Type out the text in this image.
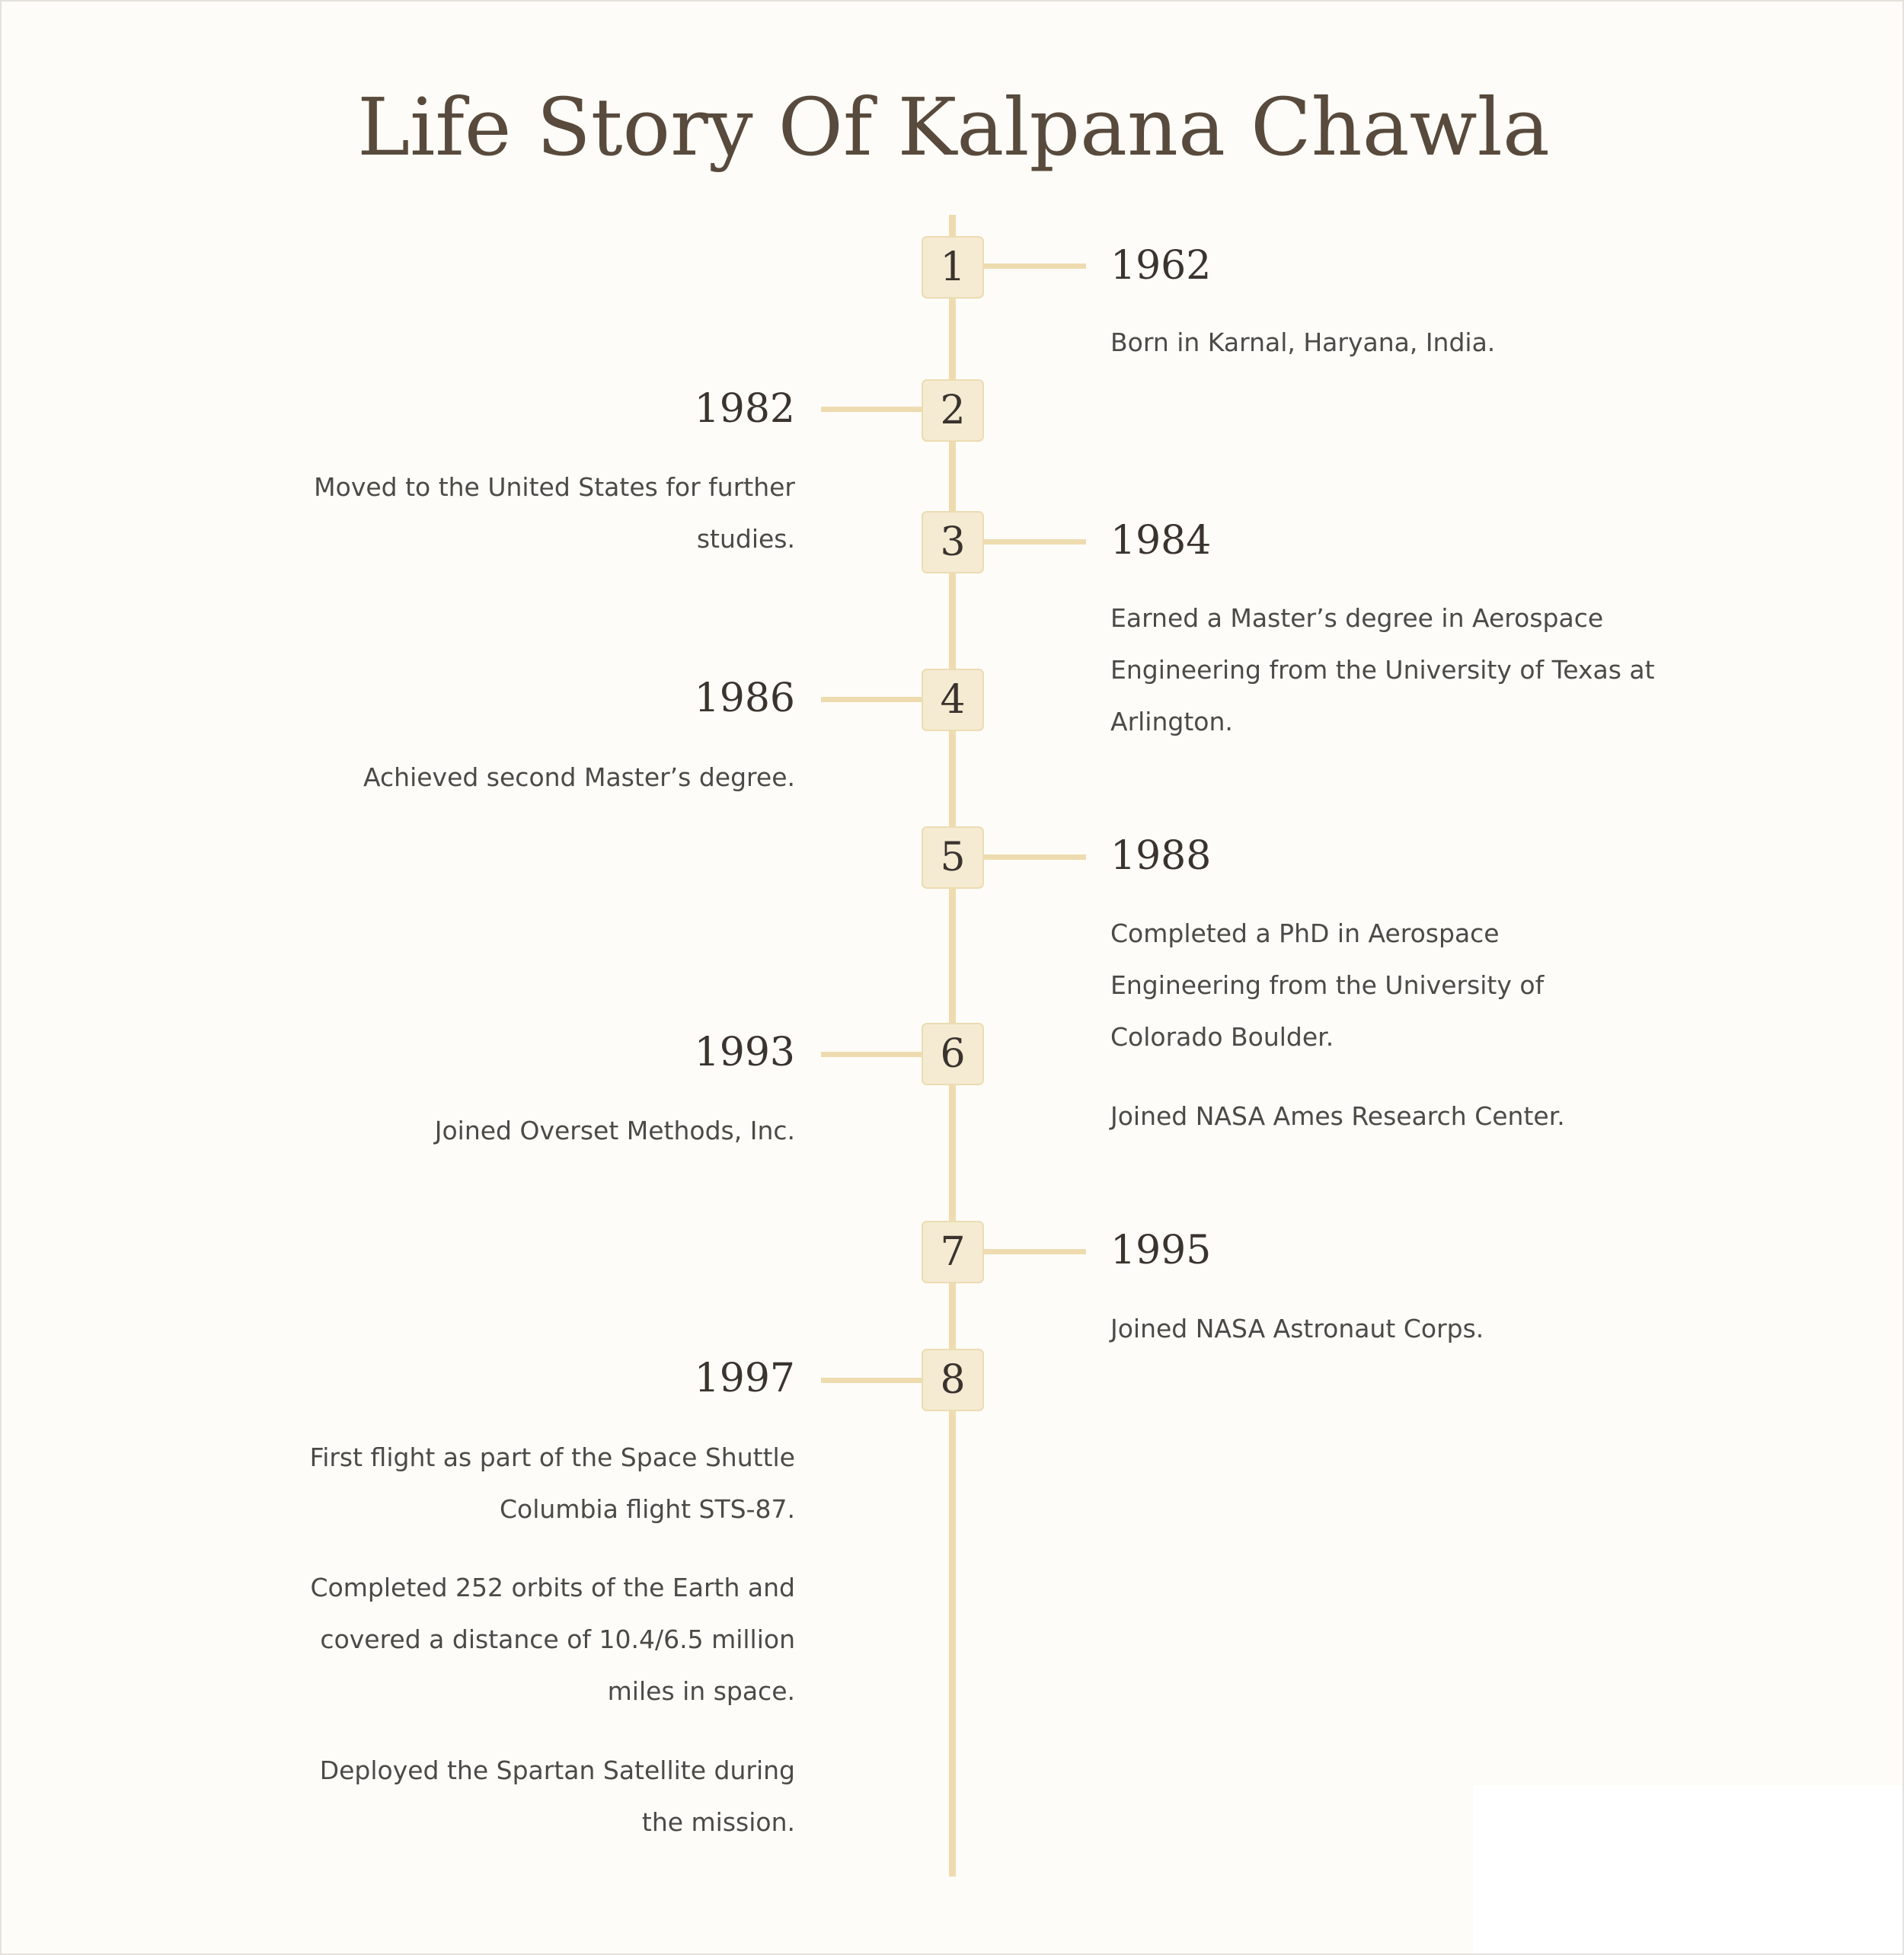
Life Story Of Kalpana Chawla
1	1962
Born in Karnal, Haryana, India.
2
1982
Moved to the United States for further studies.	3	1984
Earned a Master’s degree in Aerospace Engineering from the University of Texas at Arlington.
4
1986
Achieved second Master’s degree.
5	1988
Completed a PhD in Aerospace Engineering from the University of Colorado Boulder.
Joined NASA Ames Research Center.
6
1993
Joined Overset Methods, Inc.
7	1995
Joined NASA Astronaut Corps.
8
1997
First flight as part of the Space Shuttle Columbia flight STS-87.
Completed 252 orbits of the Earth and covered a distance of 10.4/6.5 million miles in space.
Deployed the Spartan Satellite during the mission.
